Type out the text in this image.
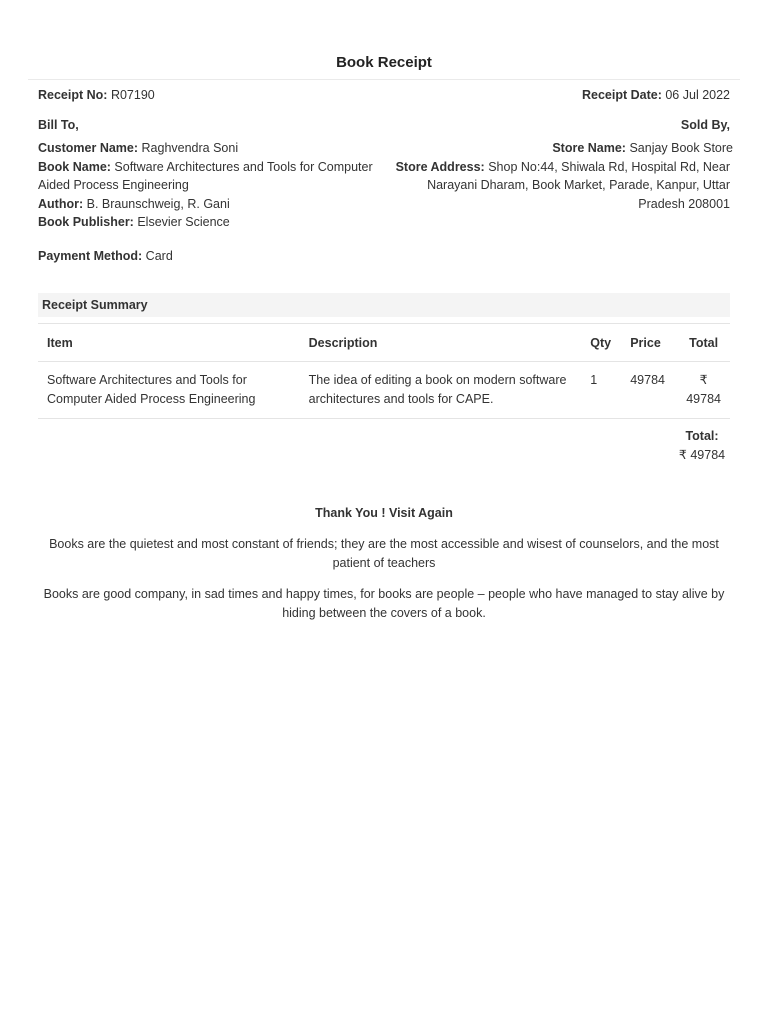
Book Receipt
Receipt No: R07190	Receipt Date: 06 Jul 2022
Bill To,	Sold By,
Customer Name: Raghvendra Soni
Book Name: Software Architectures and Tools for Computer Aided Process Engineering
Author: B. Braunschweig, R. Gani
Book Publisher: Elsevier Science
Store Name: Sanjay Book Store
Store Address: Shop No:44, Shiwala Rd, Hospital Rd, Near Narayani Dharam, Book Market, Parade, Kanpur, Uttar Pradesh 208001
Payment Method: Card
Receipt Summary
Item	Description	Qty	Price	Total
Software Architectures and Tools for Computer Aided Process Engineering	The idea of editing a book on modern software architectures and tools for CAPE.	1	49784	₹ 49784
Total:
₹ 49784
Thank You ! Visit Again
Books are the quietest and most constant of friends; they are the most accessible and wisest of counselors, and the most patient of teachers
Books are good company, in sad times and happy times, for books are people – people who have managed to stay alive by hiding between the covers of a book.
